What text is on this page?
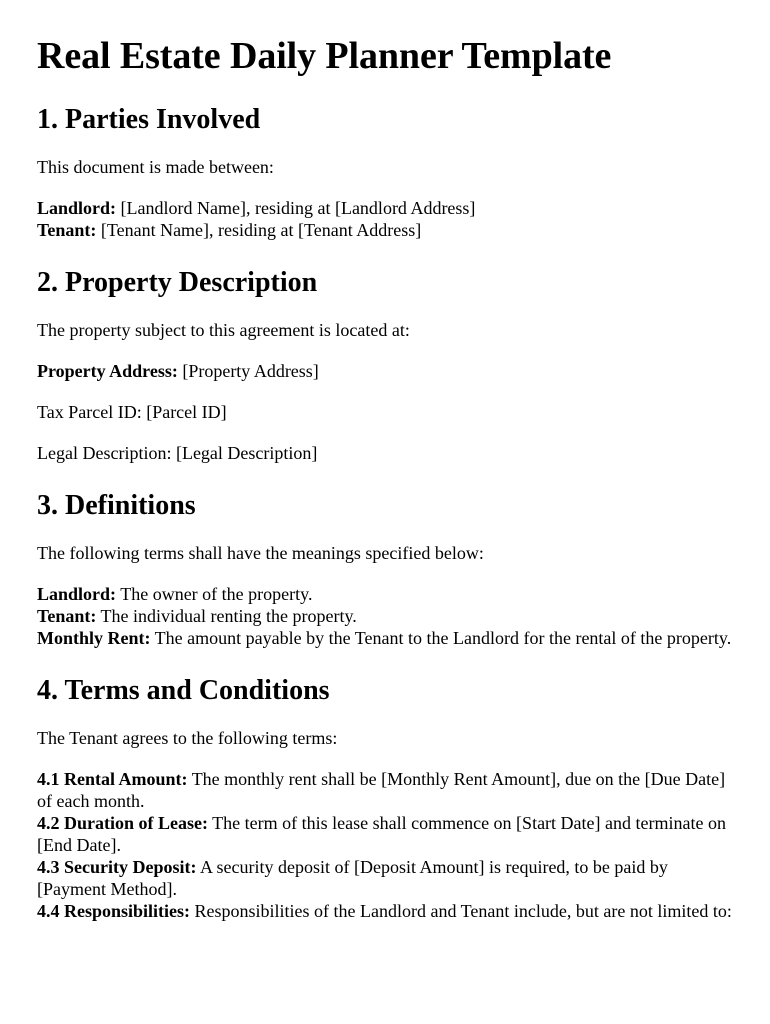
Real Estate Daily Planner Template
1. Parties Involved

This document is made between:

Landlord: [Landlord Name], residing at [Landlord Address]

Tenant: [Tenant Name], residing at [Tenant Address]

2. Property Description

The property subject to this agreement is located at:

Property Address: [Property Address]

Tax Parcel ID: [Parcel ID]

Legal Description: [Legal Description]

3. Definitions

The following terms shall have the meanings specified below:

Landlord: The owner of the property.

Tenant: The individual renting the property.

Monthly Rent: The amount payable by the Tenant to the Landlord for the rental of the property.

4. Terms and Conditions

The Tenant agrees to the following terms:

4.1 Rental Amount: The monthly rent shall be [Monthly Rent Amount], due on the [Due Date] of each month.

4.2 Duration of Lease: The term of this lease shall commence on [Start Date] and terminate on [End Date].

4.3 Security Deposit: A security deposit of [Deposit Amount] is required, to be paid by [Payment Method].

4.4 Responsibilities: Responsibilities of the Landlord and Tenant include, but are not limited to:
